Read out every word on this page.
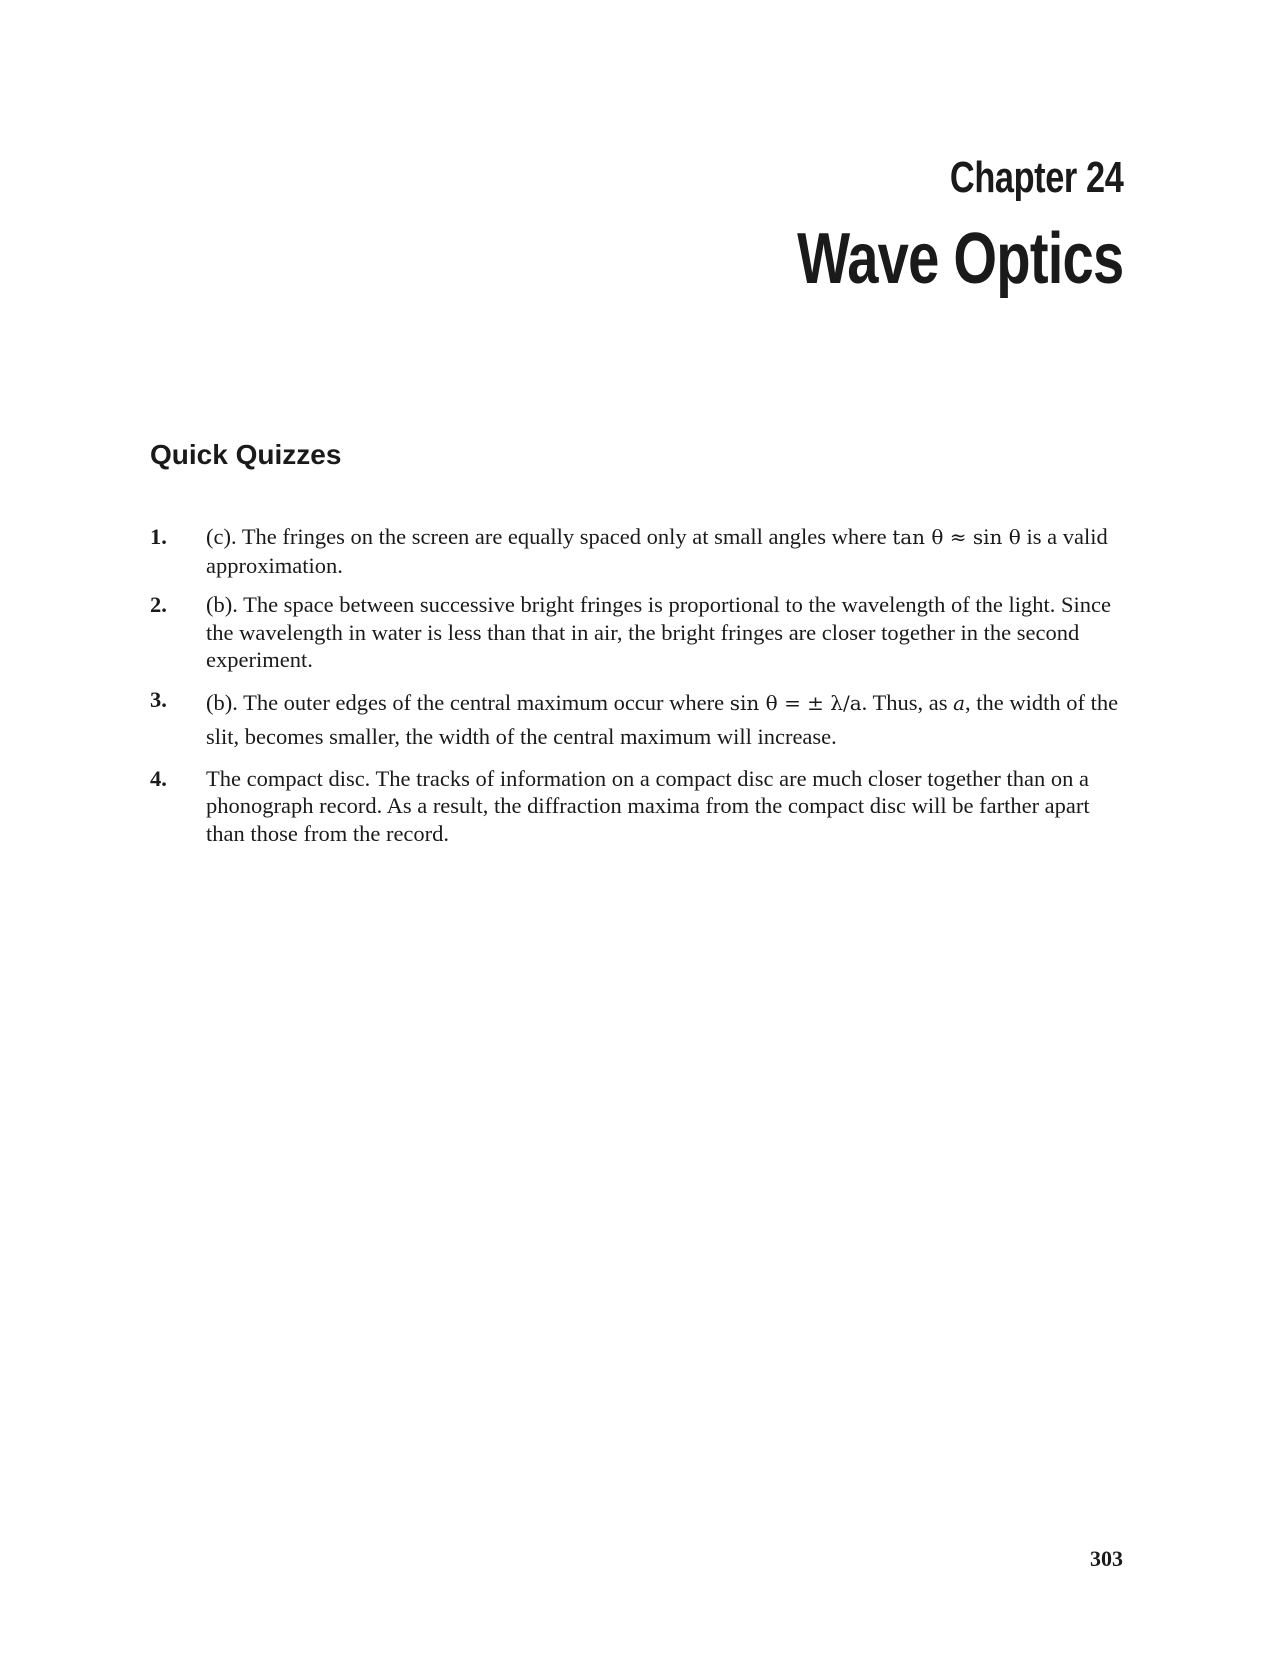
Chapter 24
Wave Optics
Quick Quizzes
1. (c). The fringes on the screen are equally spaced only at small angles where tan θ ≈ sin θ is a valid approximation.
2. (b). The space between successive bright fringes is proportional to the wavelength of the light. Since the wavelength in water is less than that in air, the bright fringes are closer together in the second experiment.
3. (b). The outer edges of the central maximum occur where sin θ = ± λ/a. Thus, as a, the width of the slit, becomes smaller, the width of the central maximum will increase.
4. The compact disc. The tracks of information on a compact disc are much closer together than on a phonograph record. As a result, the diffraction maxima from the compact disc will be farther apart than those from the record.
303
